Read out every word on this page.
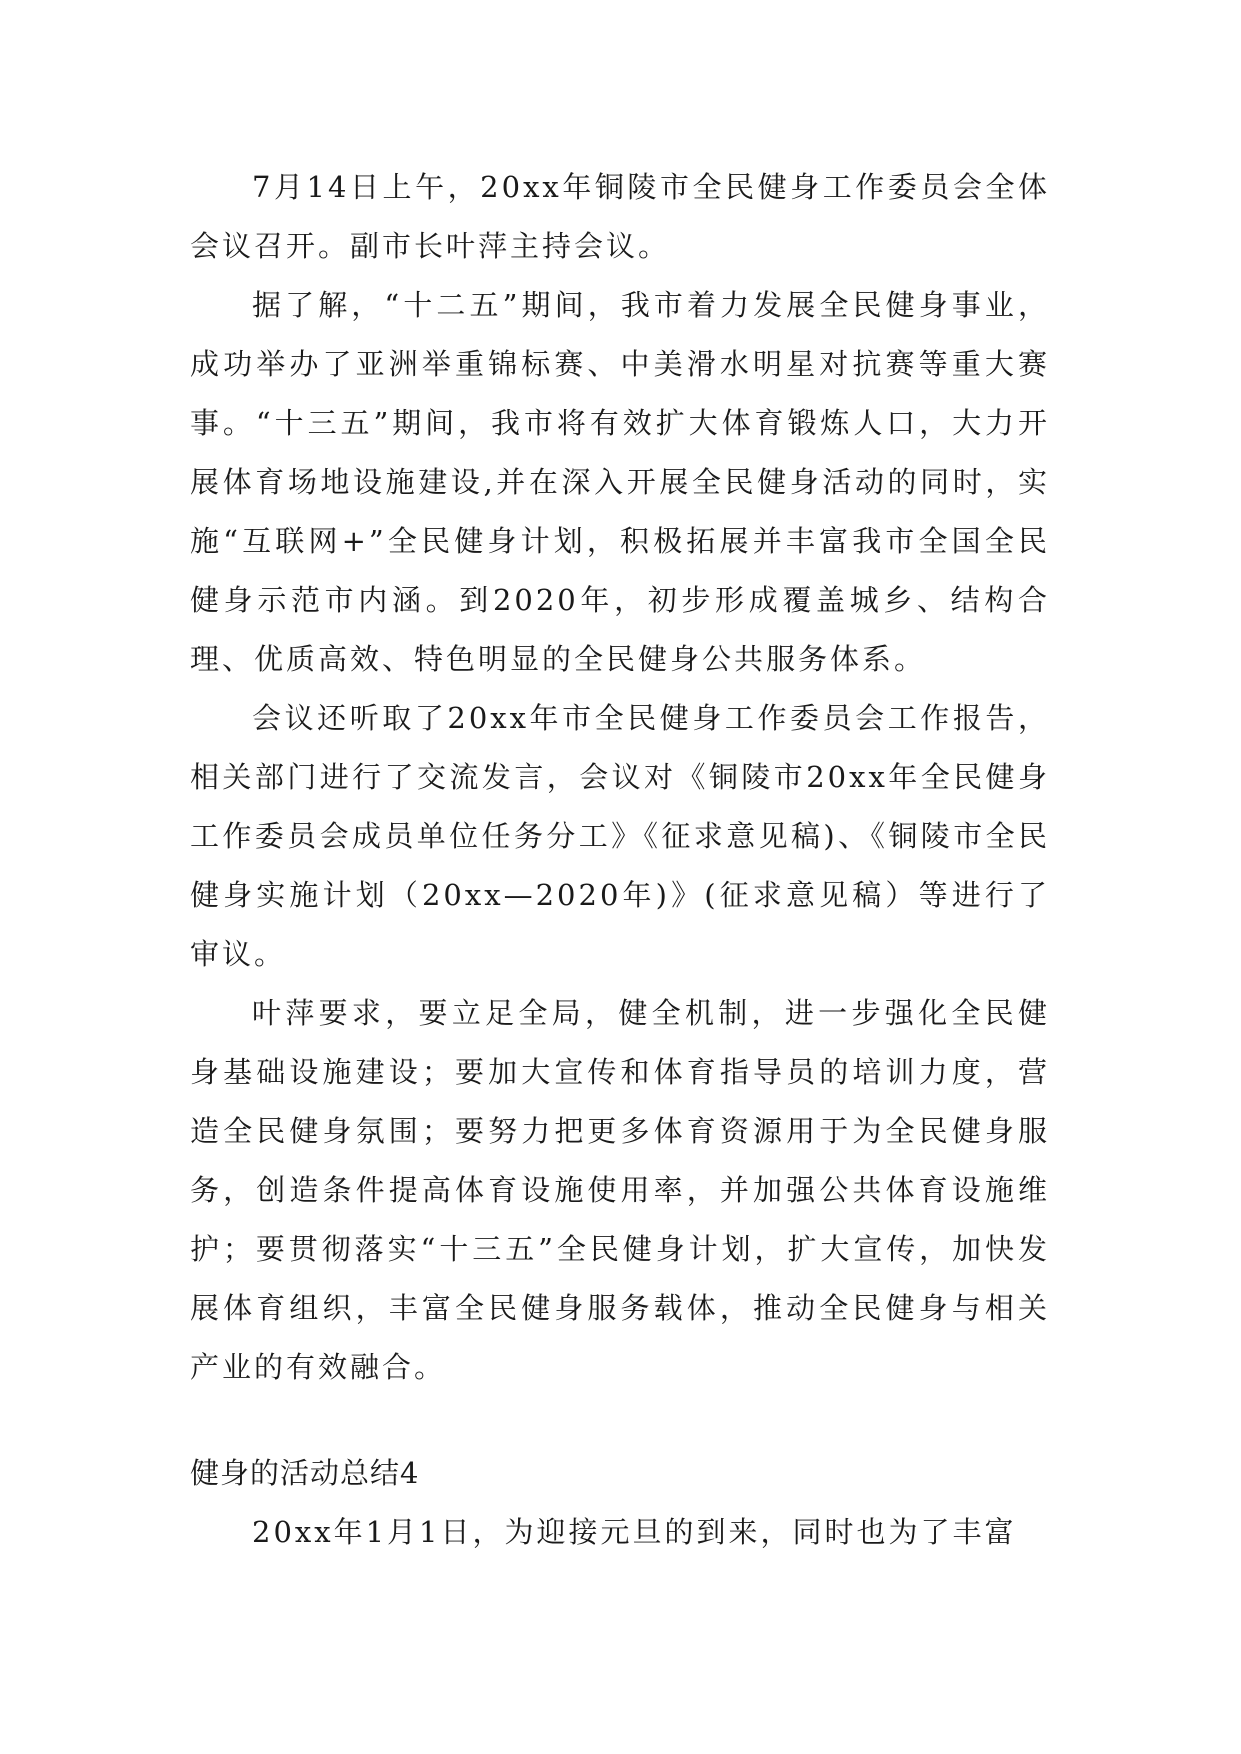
7月14日上午，20xx年铜陵市全民健身工作委员会全体会议召开。副市长叶萍主持会议。

据了解，“十二五”期间，我市着力发展全民健身事业，成功举办了亚洲举重锦标赛、中美滑水明星对抗赛等重大赛事。“十三五”期间，我市将有效扩大体育锻炼人口，大力开展体育场地设施建设,并在深入开展全民健身活动的同时，实施“互联网+”全民健身计划，积极拓展并丰富我市全国全民健身示范市内涵。到2020年，初步形成覆盖城乡、结构合理、优质高效、特色明显的全民健身公共服务体系。

会议还听取了20xx年市全民健身工作委员会工作报告，相关部门进行了交流发言，会议对《铜陵市20xx年全民健身工作委员会成员单位任务分工》《征求意见稿)、《铜陵市全民健身实施计划（20xx—2020年)》(征求意见稿）等进行了审议。

叶萍要求，要立足全局，健全机制，进一步强化全民健身基础设施建设；要加大宣传和体育指导员的培训力度，营造全民健身氛围；要努力把更多体育资源用于为全民健身服务，创造条件提高体育设施使用率，并加强公共体育设施维护；要贯彻落实“十三五”全民健身计划，扩大宣传，加快发展体育组织，丰富全民健身服务载体，推动全民健身与相关产业的有效融合。

健身的活动总结4

20xx年1月1日，为迎接元旦的到来，同时也为了丰富
